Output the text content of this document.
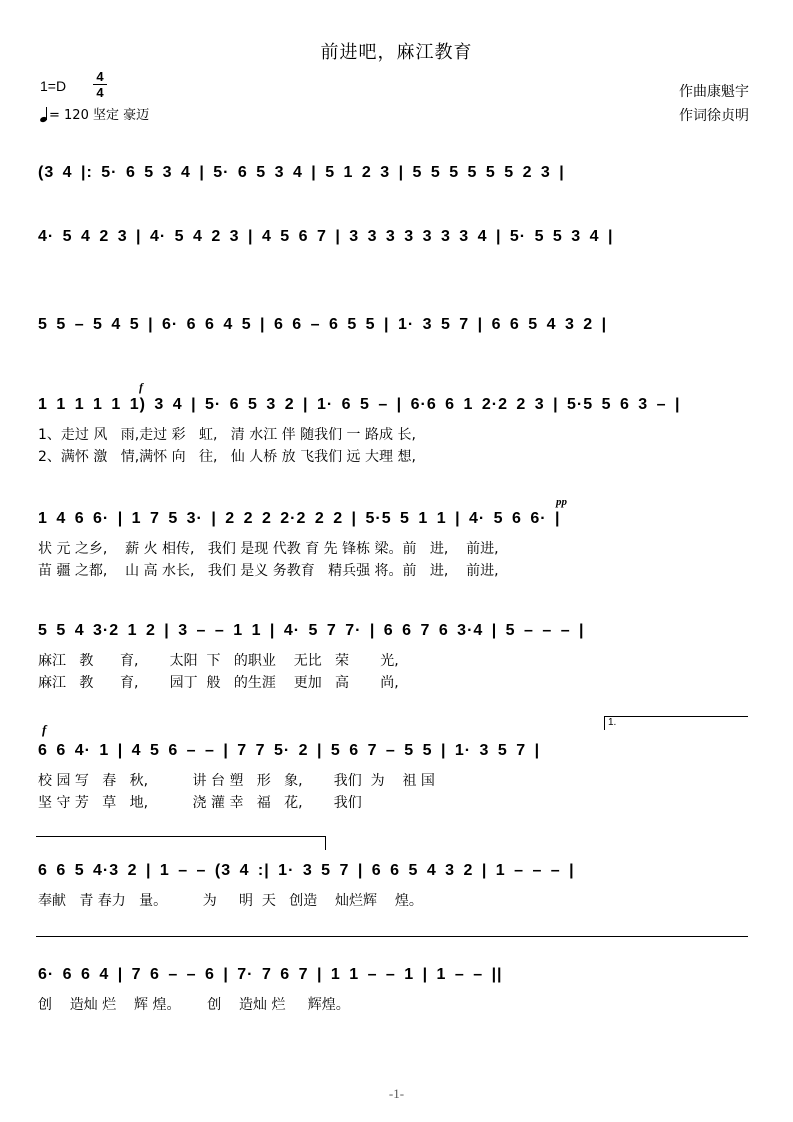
前进吧，麻江教育
1=D
4
4
= 120 坚定 豪迈
作曲康魁宇
作词徐贞明
(3 4 |: 5· 6 5 3 4 | 5· 6 5 3 4 | 5 1 2 3 | 5 5 5 5 5 5 2 3 |
4· 5 4 2 3 | 4· 5 4 2 3 | 4 5 6 7 | 3 3 3 3 3 3 3 4 | 5· 5 5 3 4 |
5 5 – 5 4 5 | 6· 6 6 4 5 | 6 6 – 6 5 5 | 1· 3 5 7 | 6 6 5 4 3 2 |
1 1 1 1 1 1) 3 4 | 5· 6 5 3 2 | 1· 6 5 – | 6·6 6 1 2·2 2 3 | 5·5 5 6 3 – |
1、走过 风   雨,走过 彩   虹,   清 水江 伴 随我们 一 路成 长,
2、满怀 激   情,满怀 向   往,   仙 人桥 放 飞我们 远 大理 想,
1 4 6 6· | 1 7 5 3· | 2 2 2 2·2 2 2 | 5·5 5 1 1 | 4· 5 6 6· |
状 元 之乡,    薪 火 相传,   我们 是现 代教 育 先 锋栋 梁。前   进,    前进,
苗 疆 之都,    山 高 水长,   我们 是义 务教育   精兵强 将。前   进,    前进,
5 5 4 3·2 1 2 | 3 – – 1 1 | 4· 5 7 7· | 6 6 7 6 3·4 | 5 – – – |
麻江   教      育,       太阳  下   的职业    无比   荣       光,
麻江   教      育,       园丁  般   的生涯    更加   高       尚,
6 6 4· 1 | 4 5 6 – – | 7 7 5· 2 | 5 6 7 – 5 5 | 1· 3 5 7 |
校 园 写   春   秋,          讲 台 塑   形   象,       我们  为    祖 国
坚 守 芳   草   地,          浇 灌 幸   福   花,       我们
6 6 5 4·3 2 | 1 – – (3 4 :| 1· 3 5 7 | 6 6 5 4 3 2 | 1 – – – |
奉献   青 春力   量。        为     明  天   创造    灿烂辉    煌。
6· 6 6 4 | 7 6 – – 6 | 7· 7 6 7 | 1 1 – – 1 | 1 – – ||
创    造灿 烂    辉 煌。      创    造灿 烂     辉煌。
1.
f
f
pp
-1-
